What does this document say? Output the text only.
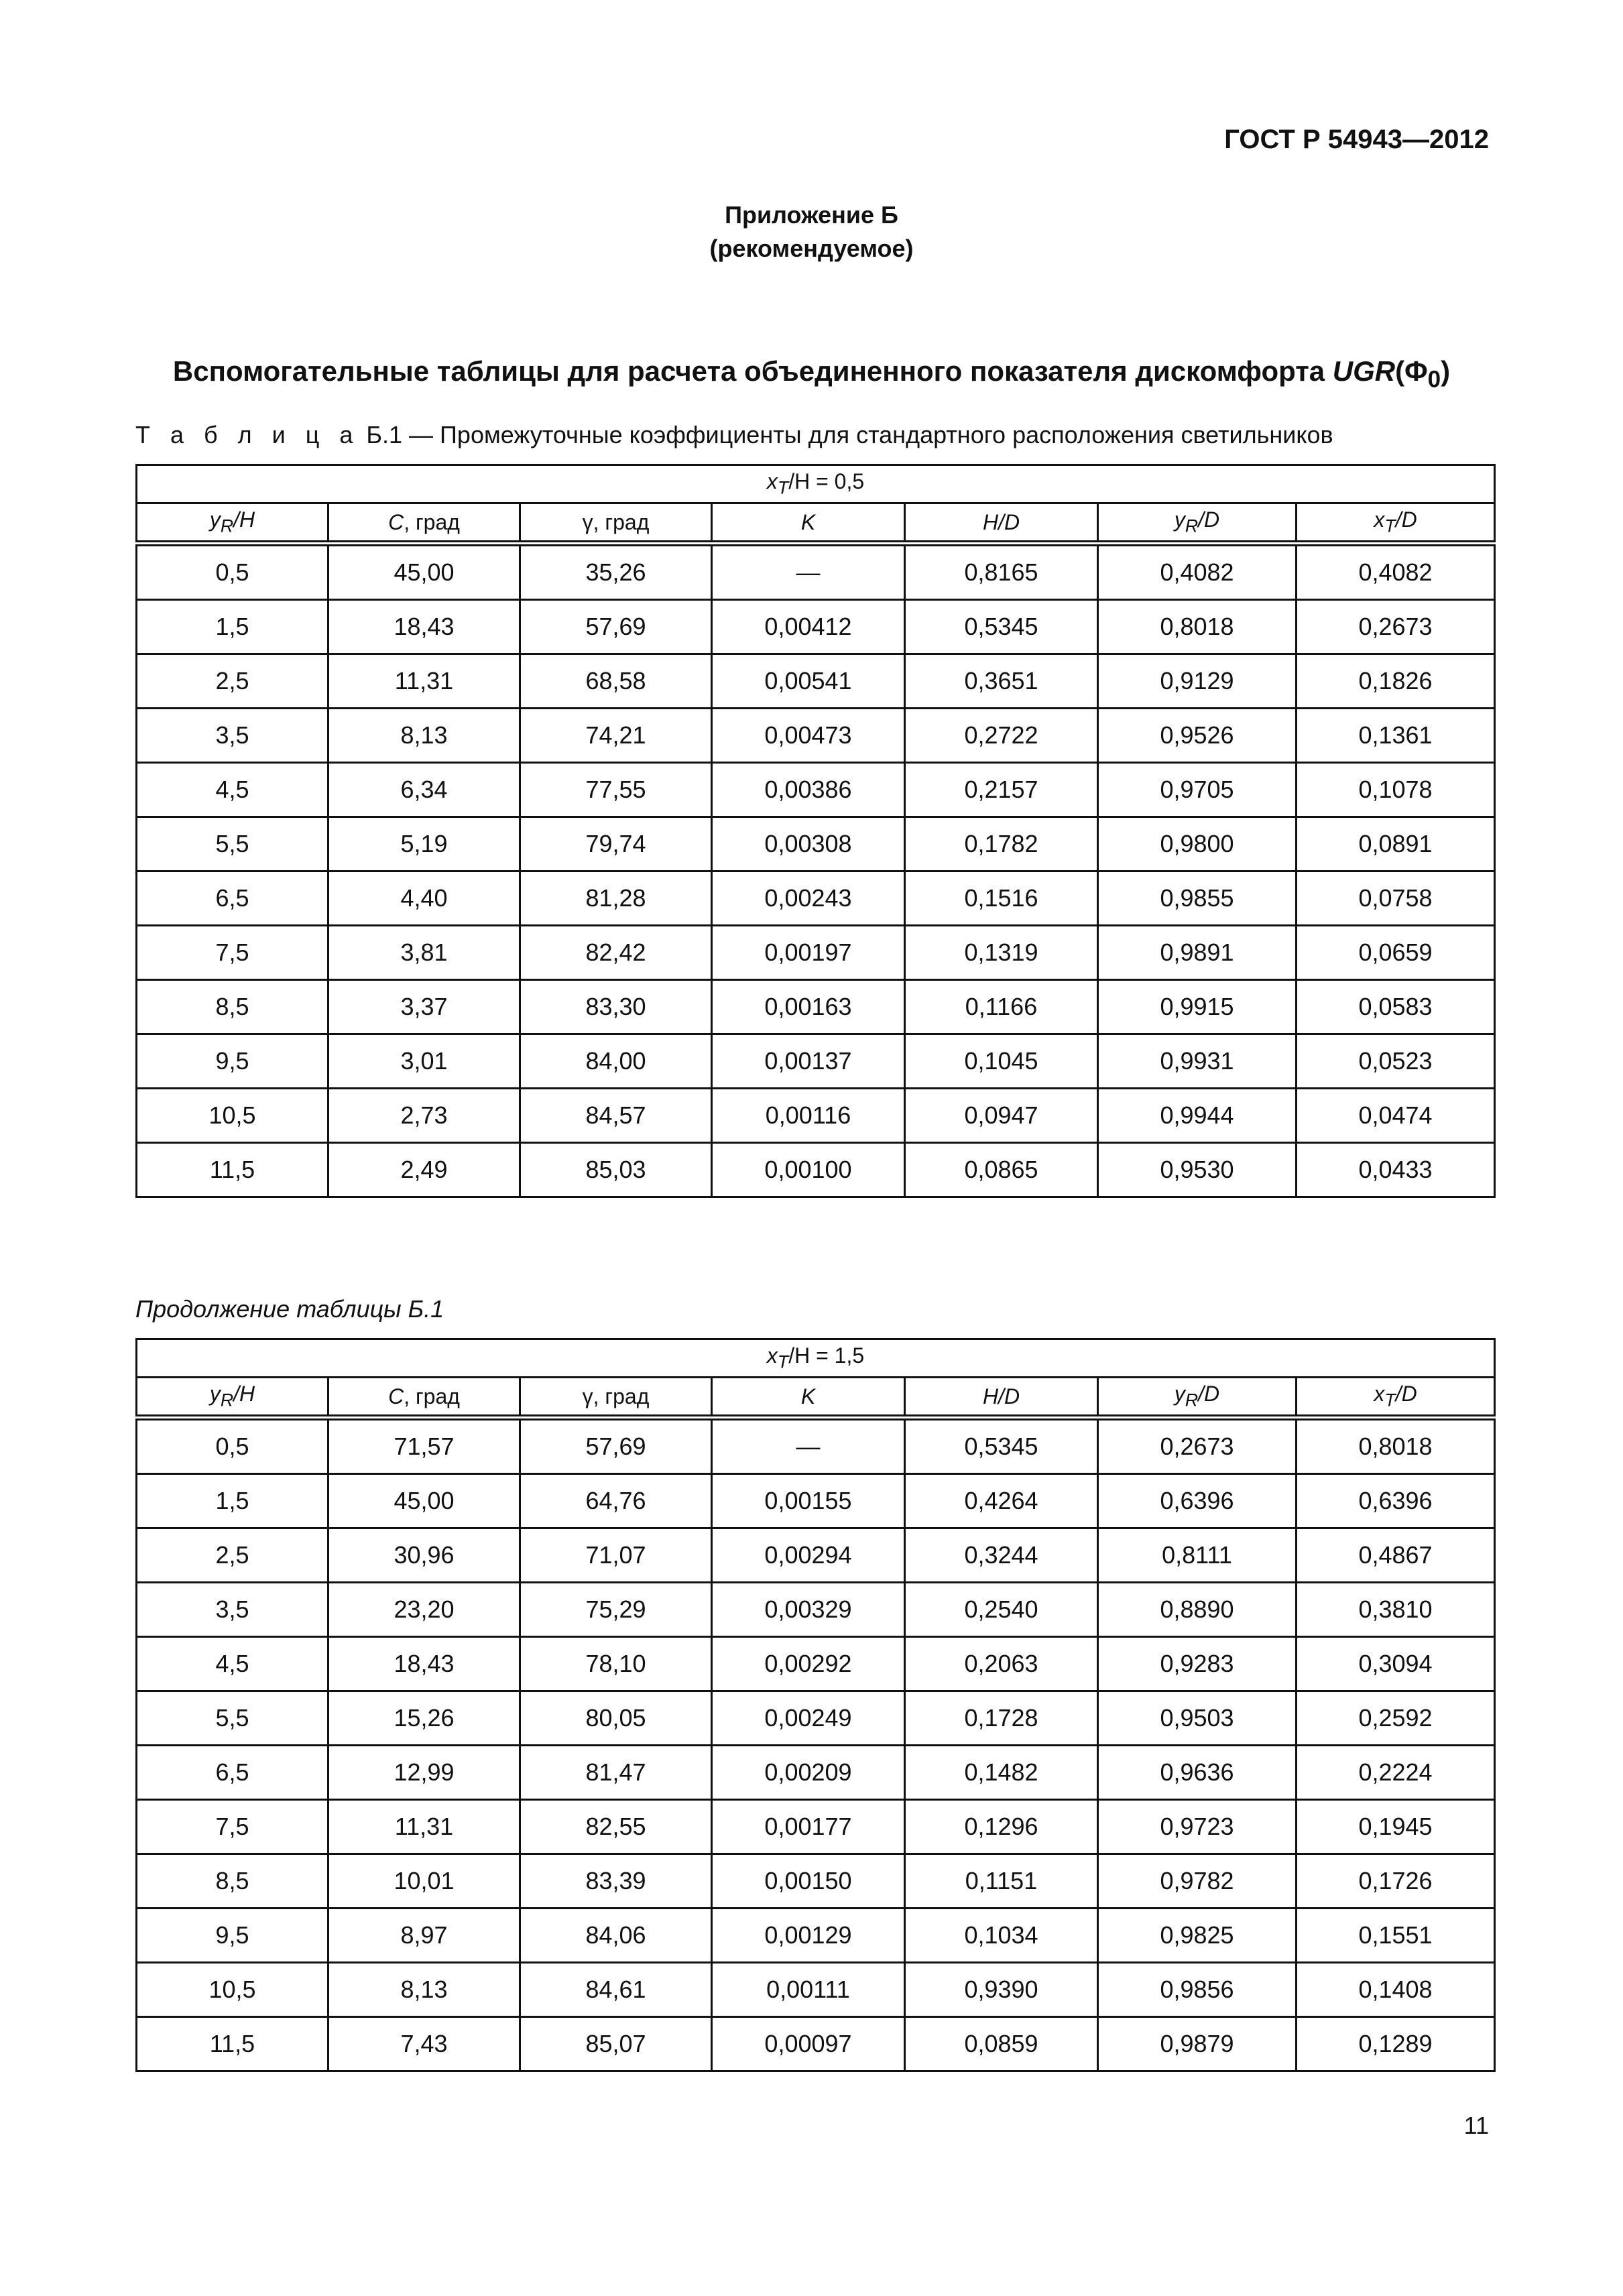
ГОСТ Р 54943—2012
Приложение Б
(рекомендуемое)
Вспомогательные таблицы для расчета объединенного показателя дискомфорта $UGR(\Phi_0)$
Т а б л и ц а Б.1 — Промежуточные коэффициенты для стандартного расположения светильников
$x_T/H = 0,5$						
$y_R/H$	C, град	γ, град	K	H/D	$y_R/D$	$x_T/D$
0,5	45,00	35,26	—	0,8165	0,4082	0,4082
1,5	18,43	57,69	0,00412	0,5345	0,8018	0,2673
2,5	11,31	68,58	0,00541	0,3651	0,9129	0,1826
3,5	8,13	74,21	0,00473	0,2722	0,9526	0,1361
4,5	6,34	77,55	0,00386	0,2157	0,9705	0,1078
5,5	5,19	79,74	0,00308	0,1782	0,9800	0,0891
6,5	4,40	81,28	0,00243	0,1516	0,9855	0,0758
7,5	3,81	82,42	0,00197	0,1319	0,9891	0,0659
8,5	3,37	83,30	0,00163	0,1166	0,9915	0,0583
9,5	3,01	84,00	0,00137	0,1045	0,9931	0,0523
10,5	2,73	84,57	0,00116	0,0947	0,9944	0,0474
11,5	2,49	85,03	0,00100	0,0865	0,9530	0,0433
Продолжение таблицы Б.1
$x_T/H = 1,5$						
$y_R/H$	C, град	γ, град	K	H/D	$y_R/D$	$x_T/D$
0,5	71,57	57,69	—	0,5345	0,2673	0,8018
1,5	45,00	64,76	0,00155	0,4264	0,6396	0,6396
2,5	30,96	71,07	0,00294	0,3244	0,8111	0,4867
3,5	23,20	75,29	0,00329	0,2540	0,8890	0,3810
4,5	18,43	78,10	0,00292	0,2063	0,9283	0,3094
5,5	15,26	80,05	0,00249	0,1728	0,9503	0,2592
6,5	12,99	81,47	0,00209	0,1482	0,9636	0,2224
7,5	11,31	82,55	0,00177	0,1296	0,9723	0,1945
8,5	10,01	83,39	0,00150	0,1151	0,9782	0,1726
9,5	8,97	84,06	0,00129	0,1034	0,9825	0,1551
10,5	8,13	84,61	0,00111	0,9390	0,9856	0,1408
11,5	7,43	85,07	0,00097	0,0859	0,9879	0,1289
11
